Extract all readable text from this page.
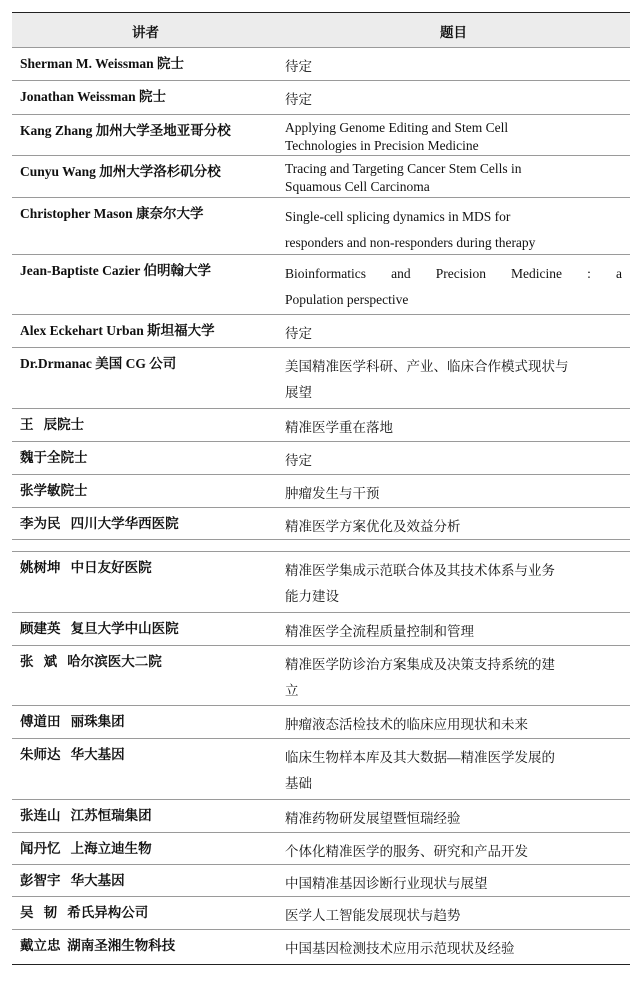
讲者	题目
Sherman M. Weissman 院士	待定
Jonathan Weissman 院士	待定
Kang Zhang 加州大学圣地亚哥分校	Applying Genome Editing and Stem Cell
Technologies in Precision Medicine
Cunyu Wang 加州大学洛杉矶分校	Tracing and Targeting Cancer Stem Cells in
Squamous Cell Carcinoma
Christopher Mason 康奈尔大学	Single-cell splicing dynamics in MDS for
responders and non-responders during therapy
Jean-Baptiste Cazier 伯明翰大学	Bioinformatics and Precision Medicine : a
Population perspective
Alex Eckehart Urban 斯坦福大学	待定
Dr.Drmanac 美国 CG 公司	美国精准医学科研、产业、临床合作模式现状与
展望
王   辰院士	精准医学重在落地
魏于全院士	待定
张学敏院士	肿瘤发生与干预
李为民   四川大学华西医院	精准医学方案优化及效益分析
姚树坤   中日友好医院	精准医学集成示范联合体及其技术体系与业务
能力建设
顾建英   复旦大学中山医院	精准医学全流程质量控制和管理
张   斌   哈尔滨医大二院	精准医学防诊治方案集成及决策支持系统的建
立
傅道田   丽珠集团	肿瘤液态活检技术的临床应用现状和未来
朱师达   华大基因	临床生物样本库及其大数据—精准医学发展的
基础
张连山   江苏恒瑞集团	精准药物研发展望暨恒瑞经验
闻丹忆   上海立迪生物	个体化精准医学的服务、研究和产品开发
彭智宇   华大基因	中国精准基因诊断行业现状与展望
吴   韧   希氏异构公司	医学人工智能发展现状与趋势
戴立忠  湖南圣湘生物科技	中国基因检测技术应用示范现状及经验
